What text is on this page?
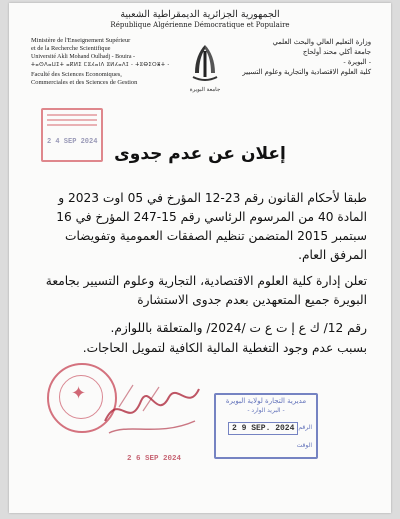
الجمهورية الجزائرية الديمقراطية الشعبية
République Algérienne Démocratique et Populaire
Ministère de l'Enseignement Supérieur
et de la Recherche Scientifique
Université Akli Mohand Oulhadj - Bouira -
ⵜⴰⵙⴷⴰⵡⵉⵜ ⴰⴽⵍⵉ ⵎⵓⵃⴰⵏⴷ ⵓⵍⵃⴰⴷⵊ - ⵜⵓⴱⵉⵔⴻⵜ -
Faculté des Sciences Economiques,
Commerciales et des Sciences de Gestion
جامعة البويرة
وزارة التعليم العالي والبحث العلمي
جامعة أكلي محند أولحاج
- البويرة -
كلية العلوم الاقتصادية والتجارية وعلوم التسيير
2 4 SEP 2024
إعلان عن عدم جدوى

طبقا لأحكام القانون رقم 23-12 المؤرخ في 05 اوت 2023 و المادة 40 من المرسوم الرئاسي رقم 15-247 المؤرخ في 16 سبتمبر 2015 المتضمن تنظيم الصفقات العمومية وتفويضات المرفق العام.

تعلن إدارة كلية العلوم الاقتصادية، التجارية وعلوم التسيير بجامعة البويرة جميع المتعهدين بعدم جدوى الاستشارة

رقم 12/ ك ع إ ت ع ت /2024/ والمتعلقة باللوازم.

بسبب عدم وجود التغطية المالية الكافية لتمويل الحاجات.

✦
2 6 SEP 2024
مديرية التجارة لولاية البويرة
- البريد الوارد -
2 9 SEP. 2024 الرقم
الوقت
